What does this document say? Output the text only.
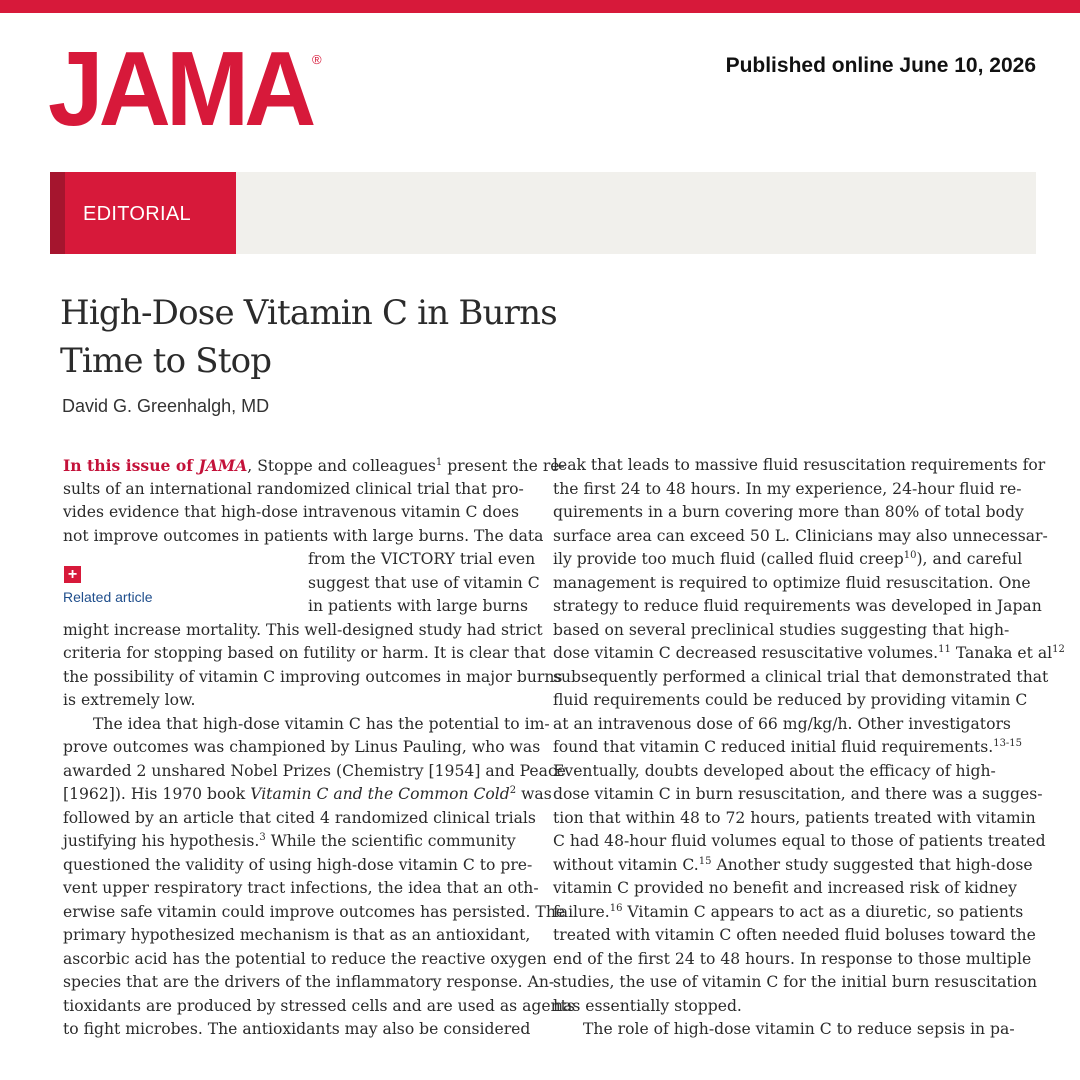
JAMA ®	Published online June 10, 2026
EDITORIAL
High-Dose Vitamin C in Burns
Time to Stop
David G. Greenhalgh, MD
In this issue of JAMA, Stoppe and colleagues$^1$ present the re-
sults of an international randomized clinical trial that pro-
vides evidence that high-dose intravenous vitamin C does
not improve outcomes in patients with large burns. The data
from the VICTORY trial even
suggest that use of vitamin C
in patients with large burns
might increase mortality. This well-designed study had strict
criteria for stopping based on futility or harm. It is clear that
the possibility of vitamin C improving outcomes in major burns
is extremely low.
The idea that high-dose vitamin C has the potential to im-
prove outcomes was championed by Linus Pauling, who was
awarded 2 unshared Nobel Prizes (Chemistry [1954] and Peace
[1962]). His 1970 book Vitamin C and the Common Cold$^2$ was
followed by an article that cited 4 randomized clinical trials
justifying his hypothesis.$^3$ While the scientific community
questioned the validity of using high-dose vitamin C to pre-
vent upper respiratory tract infections, the idea that an oth-
erwise safe vitamin could improve outcomes has persisted. The
primary hypothesized mechanism is that as an antioxidant,
ascorbic acid has the potential to reduce the reactive oxygen
species that are the drivers of the inflammatory response. An-
tioxidants are produced by stressed cells and are used as agents
to fight microbes. The antioxidants may also be considered
+
Related article
leak that leads to massive fluid resuscitation requirements for
the first 24 to 48 hours. In my experience, 24-hour fluid re-
quirements in a burn covering more than 80% of total body
surface area can exceed 50 L. Clinicians may also unnecessar-
ily provide too much fluid (called fluid creep$^{10}$), and careful
management is required to optimize fluid resuscitation. One
strategy to reduce fluid requirements was developed in Japan
based on several preclinical studies suggesting that high-
dose vitamin C decreased resuscitative volumes.$^{11}$ Tanaka et $al^{12}$
subsequently performed a clinical trial that demonstrated that
fluid requirements could be reduced by providing vitamin C
at an intravenous dose of 66 mg/kg/h. Other investigators
found that vitamin C reduced initial fluid requirements.$^{13-15}$
Eventually, doubts developed about the efficacy of high-
dose vitamin C in burn resuscitation, and there was a sugges-
tion that within 48 to 72 hours, patients treated with vitamin
C had 48-hour fluid volumes equal to those of patients treated
without vitamin C.$^{15}$ Another study suggested that high-dose
vitamin C provided no benefit and increased risk of kidney
failure.$^{16}$ Vitamin C appears to act as a diuretic, so patients
treated with vitamin C often needed fluid boluses toward the
end of the first 24 to 48 hours. In response to those multiple
studies, the use of vitamin C for the initial burn resuscitation
has essentially stopped.
The role of high-dose vitamin C to reduce sepsis in pa-
